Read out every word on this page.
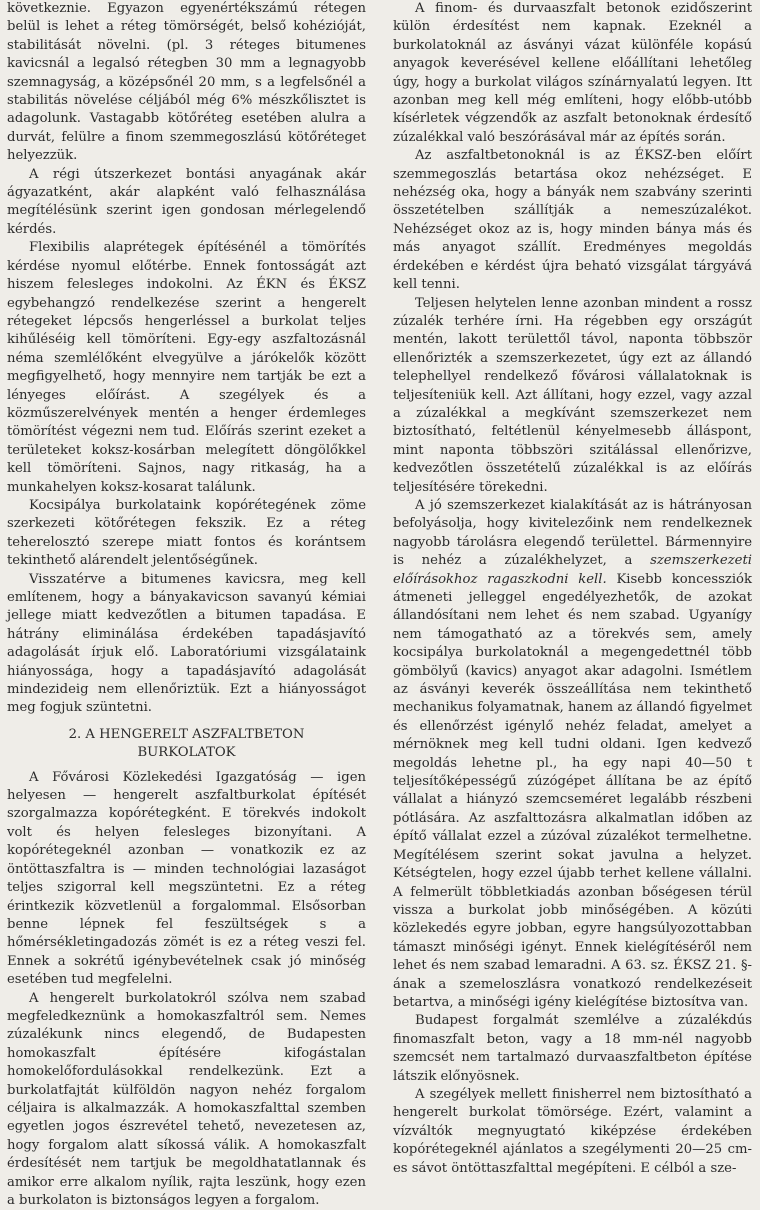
következnie. Egyazon egyenértékszámú rétegen belül is lehet a réteg tömörségét, belső kohézióját, stabilitását növelni. (pl. 3 réteges bitumenes kavicsnál a legalsó rétegben 30 mm a legnagyobb szemnagyság, a középsőnél 20 mm, s a legfelsőnél a stabilitás növelése céljából még 6% mészkőlisztet is adagolunk. Vastagabb kötőréteg esetében alulra a durvát, felülre a finom szemmegoszlású kötőréteget helyezzük.

A régi útszerkezet bontási anyagának akár ágyazatként, akár alapként való felhasználása megítélésünk szerint igen gondosan mérlegelendő kérdés.

Flexibilis alaprétegek építésénél a tömörítés kérdése nyomul előtérbe. Ennek fontosságát azt hiszem felesleges indokolni. Az ÉKN és ÉKSZ egybehangzó rendelkezése szerint a hengerelt rétegeket lépcsős hengerléssel a burkolat teljes kihűléséig kell tömöríteni. Egy-egy aszfaltozásnál néma szemlélőként elvegyülve a járókelők között megfigyelhető, hogy mennyire nem tartják be ezt a lényeges előírást. A szegélyek és a közműszerelvények mentén a henger érdemleges tömörítést végezni nem tud. Előírás szerint ezeket a területeket koksz-kosárban melegített döngölőkkel kell tömöríteni. Sajnos, nagy ritkaság, ha a munkahelyen koksz-kosarat találunk.

Kocsipálya burkolataink kopórétegének zöme szerkezeti kötőrétegen fekszik. Ez a réteg teherelosztó szerepe miatt fontos és korántsem tekinthető alárendelt jelentőségűnek.

Visszatérve a bitumenes kavicsra, meg kell említenem, hogy a bányakavicson savanyú kémiai jellege miatt kedvezőtlen a bitumen tapadása. E hátrány eliminálása érdekében tapadásjavító adagolását írjuk elő. Laboratóriumi vizsgálataink hiányossága, hogy a tapadásjavító adagolását mindezideig nem ellenőriztük. Ezt a hiányosságot meg fogjuk szüntetni.

2. A HENGERELT ASZFALTBETON
BURKOLATOK

A Fővárosi Közlekedési Igazgatóság — igen helyesen — hengerelt aszfaltburkolat építését szorgalmazza kopórétegként. E törekvés indokolt volt és helyen felesleges bizonyítani. A kopórétegeknél azonban — vonatkozik ez az öntöttaszfaltra is — minden technológiai lazaságot teljes szigorral kell megszüntetni. Ez a réteg érintkezik közvetlenül a forgalommal. Elsősorban benne lépnek fel feszültségek s a hőmérsékletingadozás zömét is ez a réteg veszi fel. Ennek a sokrétű igénybevételnek csak jó minőség esetében tud megfelelni.

A hengerelt burkolatokról szólva nem szabad megfeledkeznünk a homokaszfaltról sem. Nemes zúzalékunk nincs elegendő, de Budapesten homokaszfalt építésére kifogástalan homokelőfordulásokkal rendelkezünk. Ezt a burkolatfajtát külföldön nagyon nehéz forgalom céljaira is alkalmazzák. A homokaszfalttal szemben egyetlen jogos észrevétel tehető, nevezetesen az, hogy forgalom alatt síkossá válik. A homokaszfalt érdesítését nem tartjuk be megoldhatatlannak és amikor erre alkalom nyílik, rajta leszünk, hogy ezen a burkolaton is biztonságos legyen a forgalom.

A finom- és durvaaszfalt betonok ezidőszerint külön érdesítést nem kapnak. Ezeknél a burkolatoknál az ásványi vázat különféle kopású anyagok keverésével kellene előállítani lehetőleg úgy, hogy a burkolat világos színárnyalatú legyen. Itt azonban meg kell még említeni, hogy előbb-utóbb kísérletek végzendők az aszfalt betonoknak érdesítő zúzalékkal való beszórásával már az építés során.

Az aszfaltbetonoknál is az ÉKSZ-ben előírt szemmegoszlás betartása okoz nehézséget. E nehézség oka, hogy a bányák nem szabvány szerinti összetételben szállítják a nemeszúzalékot. Nehézséget okoz az is, hogy minden bánya más és más anyagot szállít. Eredményes megoldás érdekében e kérdést újra beható vizsgálat tárgyává kell tenni.

Teljesen helytelen lenne azonban mindent a rossz zúzalék terhére írni. Ha régebben egy országút mentén, lakott területtől távol, naponta többször ellenőrizték a szemszerkezetet, úgy ezt az állandó telephellyel rendelkező fővárosi vállalatoknak is teljesíteniük kell. Azt állítani, hogy ezzel, vagy azzal a zúzalékkal a megkívánt szemszerkezet nem biztosítható, feltétlenül kényelmesebb álláspont, mint naponta többszöri szitálással ellenőrizve, kedvezőtlen összetételű zúzalékkal is az előírás teljesítésére törekedni.

A jó szemszerkezet kialakítását az is hátrányosan befolyásolja, hogy kivitelezőink nem rendelkeznek nagyobb tárolásra elegendő területtel. Bármennyire is nehéz a zúzalékhelyzet, a szemszerkezeti előírásokhoz ragaszkodni kell. Kisebb koncessziók átmeneti jelleggel engedélyezhetők, de azokat állandósítani nem lehet és nem szabad. Ugyanígy nem támogatható az a törekvés sem, amely kocsipálya burkolatoknál a megengedettnél több gömbölyű (kavics) anyagot akar adagolni. Ismétlem az ásványi keverék összeállítása nem tekinthető mechanikus folyamatnak, hanem az állandó figyelmet és ellenőrzést igénylő nehéz feladat, amelyet a mérnöknek meg kell tudni oldani. Igen kedvező megoldás lehetne pl., ha egy napi 40—50 t teljesítőképességű zúzógépet állítana be az építő vállalat a hiányzó szemcseméret legalább részbeni pótlására. Az aszfalttozásra alkalmatlan időben az építő vállalat ezzel a zúzóval zúzalékot termelhetne. Megítélésem szerint sokat javulna a helyzet. Kétségtelen, hogy ezzel újabb terhet kellene vállalni. A felmerült többletkiadás azonban bőségesen térül vissza a burkolat jobb minőségében. A közúti közlekedés egyre jobban, egyre hangsúlyozottabban támaszt minőségi igényt. Ennek kielégítéséről nem lehet és nem szabad lemaradni. A 63. sz. ÉKSZ 21. §-ának a szemeloszlásra vonatkozó rendelkezéseit betartva, a minőségi igény kielégítése biztosítva van.

Budapest forgalmát szemlélve a zúzalékdús finomaszfalt beton, vagy a 18 mm-nél nagyobb szemcsét nem tartalmazó durvaaszfaltbeton építése látszik előnyösnek.

A szegélyek mellett finisherrel nem biztosítható a hengerelt burkolat tömörsége. Ezért, valamint a vízváltók megnyugtató kiképzése érdekében kopórétegeknél ajánlatos a szegélymenti 20—25 cm-es sávot öntöttaszfalttal megépíteni. E célból a sze-
